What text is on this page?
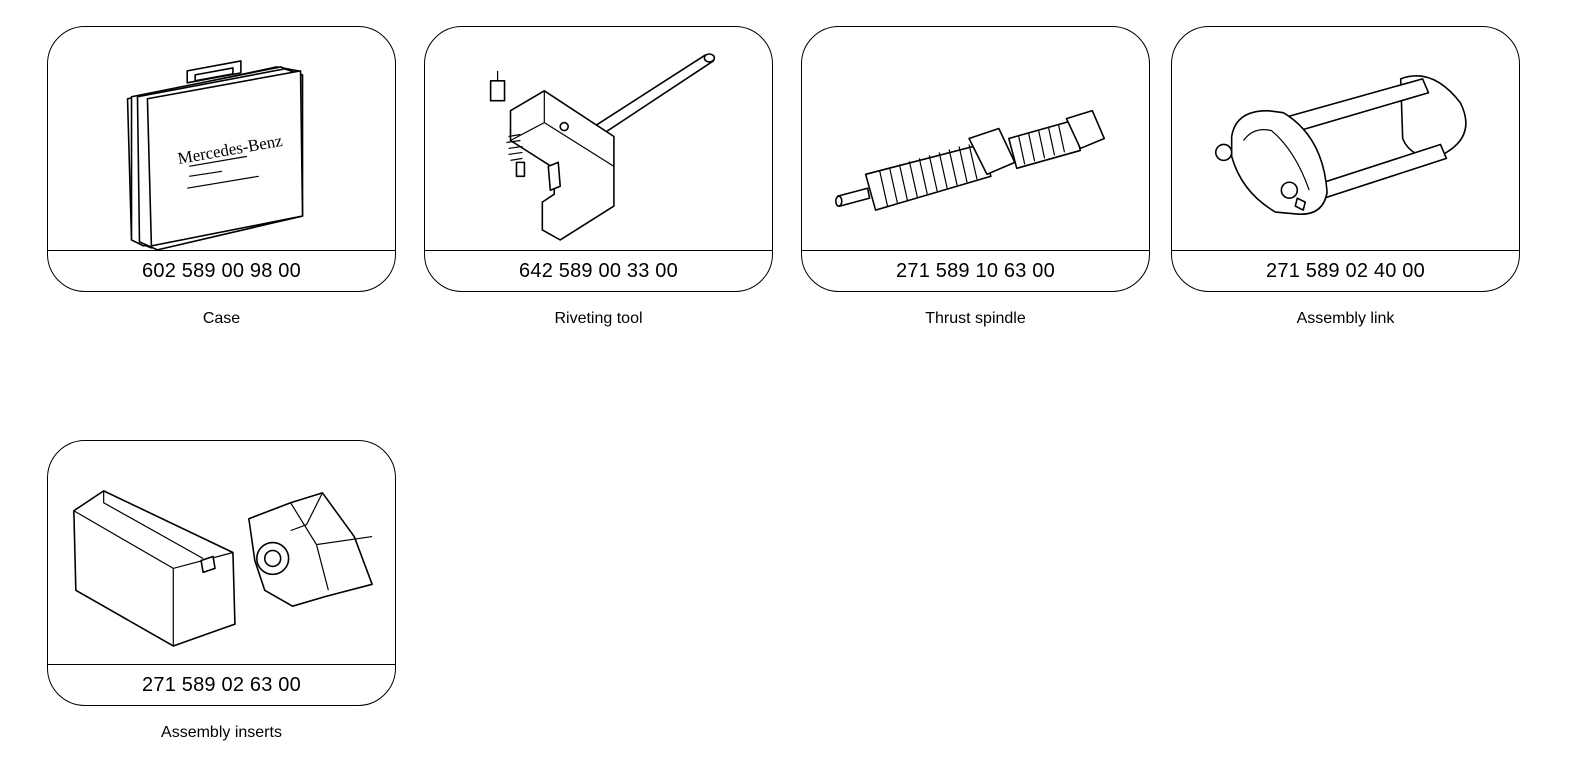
Mercedes-Benz
602 589 00 98 00
Case
642 589 00 33 00
Riveting tool
271 589 10 63 00
Thrust spindle
271 589 02 40 00
Assembly link
271 589 02 63 00
Assembly inserts
